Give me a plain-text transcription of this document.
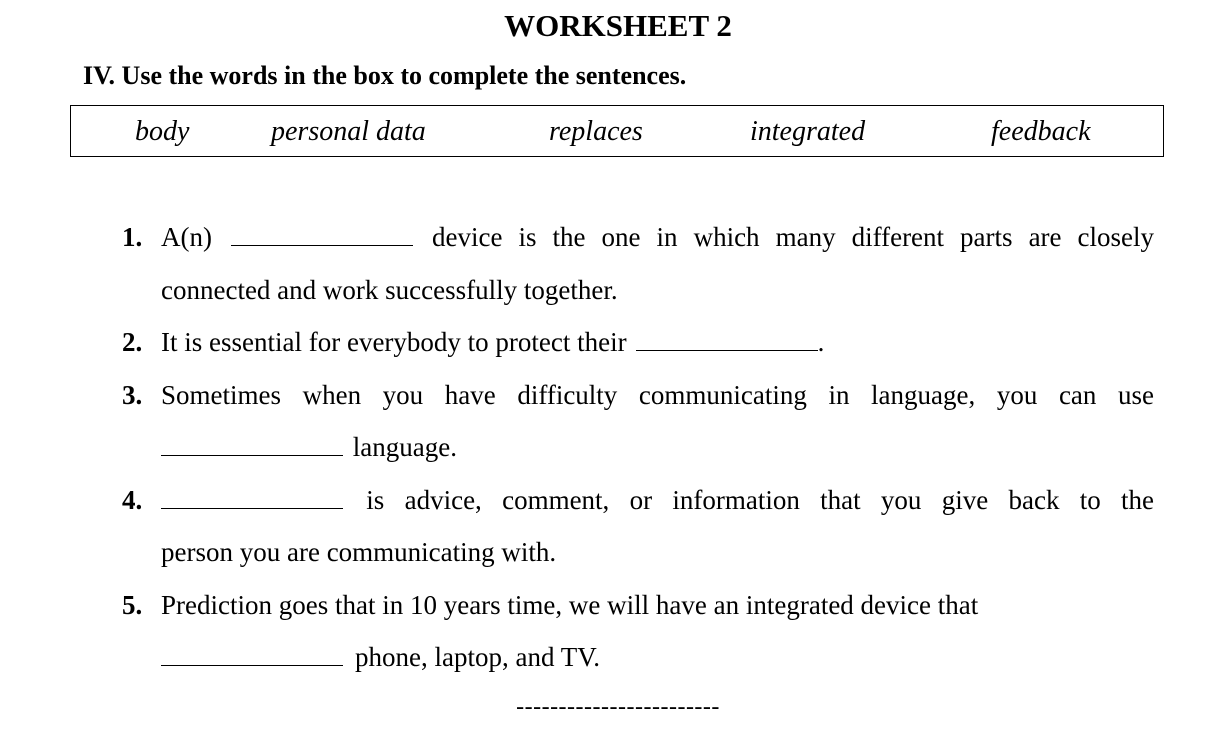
WORKSHEET 2
IV. Use the words in the box to complete the sentences.
body	personal data	replaces	integrated	feedback
1. A(n)	device is the one in which many different parts are closely
connected and work successfully together.
2. It is essential for everybody to protect their	.
3. Sometimes when you have difficulty communicating in language, you can use
language.
4.	is advice, comment, or information that you give back to the
person you are communicating with.
5. Prediction goes that in 10 years time, we will have an integrated device that
phone, laptop, and TV.
------------------------
